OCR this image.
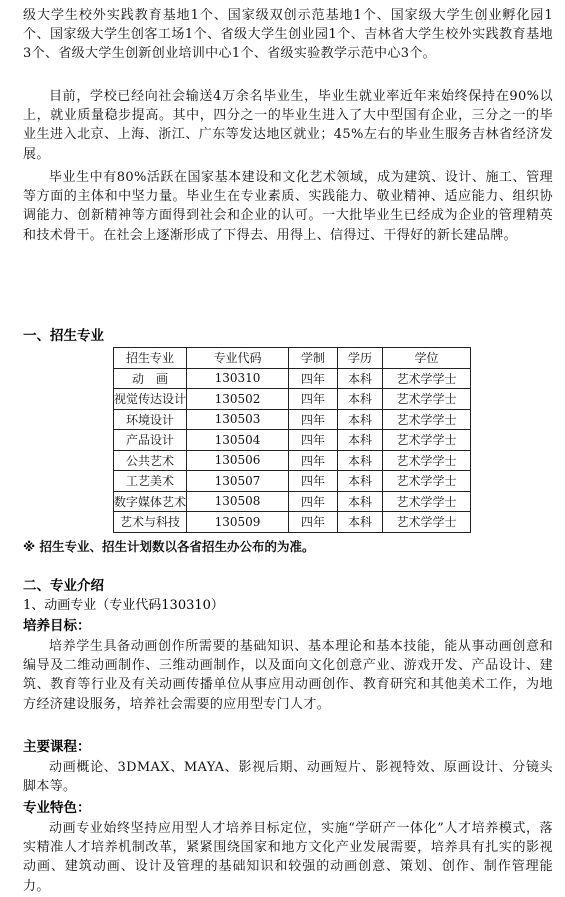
级大学生校外实践教育基地1个、国家级双创示范基地1个、国家级大学生创业孵化园1个、国家级大学生创客工场1个、省级大学生创业园1个、吉林省大学生校外实践教育基地3个、省级大学生创新创业培训中心1个、省级实验教学示范中心3个。

目前，学校已经向社会输送4万余名毕业生，毕业生就业率近年来始终保持在90%以上，就业质量稳步提高。其中，四分之一的毕业生进入了大中型国有企业，三分之一的毕业生进入北京、上海、浙江、广东等发达地区就业；45%左右的毕业生服务吉林省经济发展。

毕业生中有80%活跃在国家基本建设和文化艺术领域，成为建筑、设计、施工、管理等方面的主体和中坚力量。毕业生在专业素质、实践能力、敬业精神、适应能力、组织协调能力、创新精神等方面得到社会和企业的认可。一大批毕业生已经成为企业的管理精英和技术骨干。在社会上逐渐形成了下得去、用得上、信得过、干得好的新长建品牌。

一、招生专业
招生专业	专业代码	学制	学历	学位
动　画	130310	四年	本科	艺术学学士
视觉传达设计	130502	四年	本科	艺术学学士
环境设计	130503	四年	本科	艺术学学士
产品设计	130504	四年	本科	艺术学学士
公共艺术	130506	四年	本科	艺术学学士
工艺美术	130507	四年	本科	艺术学学士
数字媒体艺术	130508	四年	本科	艺术学学士
艺术与科技	130509	四年	本科	艺术学学士

※ 招生专业、招生计划数以各省招生办公布的为准。

二、专业介绍

1、动画专业（专业代码130310）

培养目标：

培养学生具备动画创作所需要的基础知识、基本理论和基本技能，能从事动画创意和编导及二维动画制作、三维动画制作，以及面向文化创意产业、游戏开发、产品设计、建筑、教育等行业及有关动画传播单位从事应用动画创作、教育研究和其他美术工作，为地方经济建设服务，培养社会需要的应用型专门人才。

主要课程：

动画概论、3DMAX、MAYA、影视后期、动画短片、影视特效、原画设计、分镜头脚本等。

专业特色：

动画专业始终坚持应用型人才培养目标定位，实施“学研产一体化”人才培养模式，落实精准人才培养机制改革，紧紧围绕国家和地方文化产业发展需要，培养具有扎实的影视动画、建筑动画、设计及管理的基础知识和较强的动画创意、策划、创作、制作管理能力。
